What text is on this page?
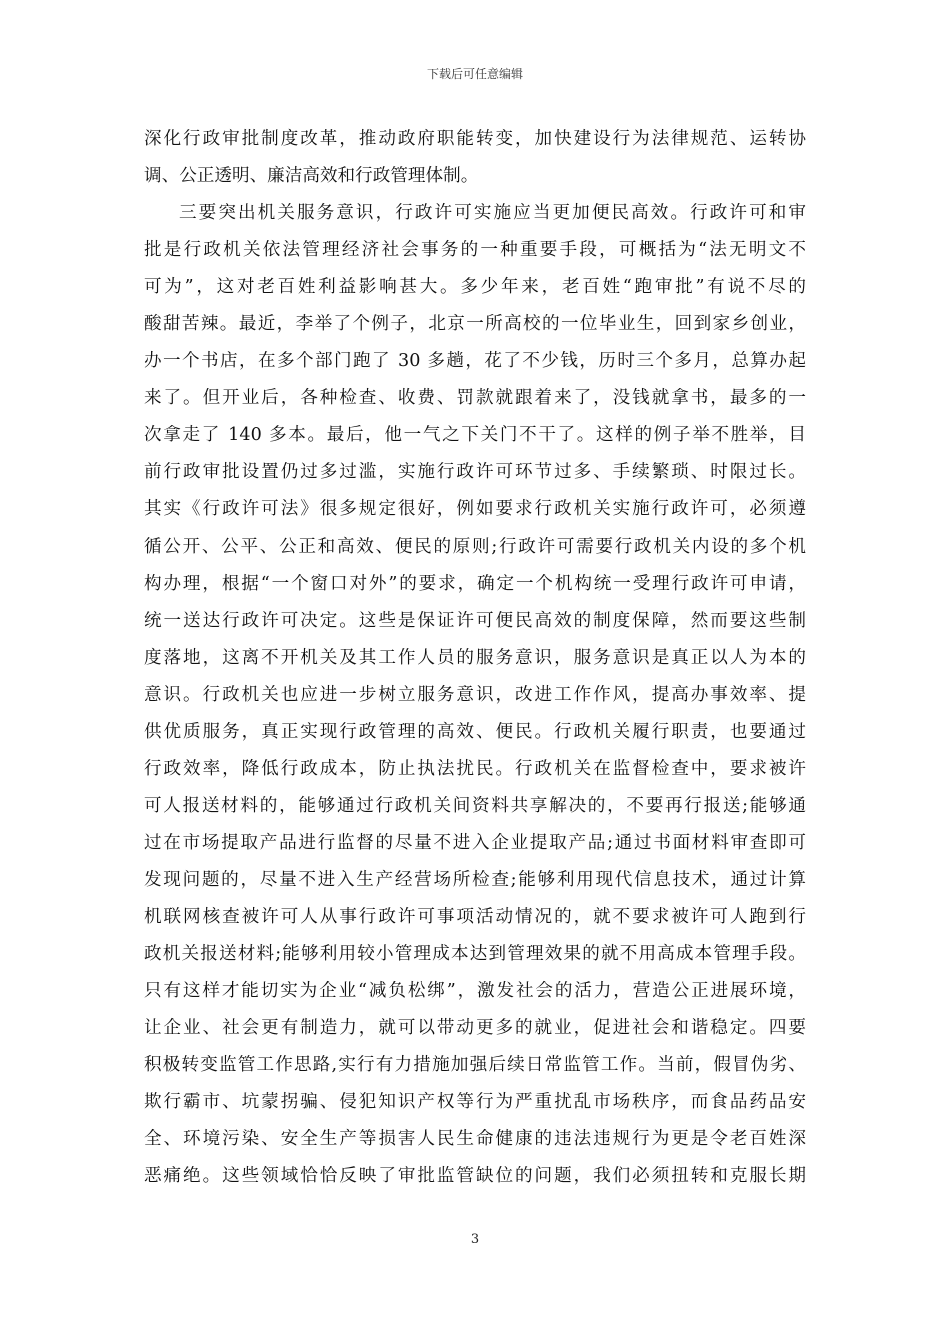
下载后可任意编辑
深化行政审批制度改革，推动政府职能转变，加快建设行为法律规范、运转协
调、公正透明、廉洁高效和行政管理体制。
三要突出机关服务意识，行政许可实施应当更加便民高效。行政许可和审
批是行政机关依法管理经济社会事务的一种重要手段，可概括为“法无明文不
可为”，这对老百姓利益影响甚大。多少年来，老百姓“跑审批”有说不尽的
酸甜苦辣。最近，李举了个例子，北京一所高校的一位毕业生，回到家乡创业，
办一个书店，在多个部门跑了 30 多趟，花了不少钱，历时三个多月，总算办起
来了。但开业后，各种检查、收费、罚款就跟着来了，没钱就拿书，最多的一
次拿走了 140 多本。最后，他一气之下关门不干了。这样的例子举不胜举，目
前行政审批设置仍过多过滥，实施行政许可环节过多、手续繁琐、时限过长。
其实《行政许可法》很多规定很好，例如要求行政机关实施行政许可，必须遵
循公开、公平、公正和高效、便民的原则;行政许可需要行政机关内设的多个机
构办理，根据“一个窗口对外”的要求，确定一个机构统一受理行政许可申请，
统一送达行政许可决定。这些是保证许可便民高效的制度保障，然而要这些制
度落地，这离不开机关及其工作人员的服务意识，服务意识是真正以人为本的
意识。行政机关也应进一步树立服务意识，改进工作作风，提高办事效率、提
供优质服务，真正实现行政管理的高效、便民。行政机关履行职责，也要通过
行政效率，降低行政成本，防止执法扰民。行政机关在监督检查中，要求被许
可人报送材料的，能够通过行政机关间资料共享解决的，不要再行报送;能够通
过在市场提取产品进行监督的尽量不进入企业提取产品;通过书面材料审查即可
发现问题的，尽量不进入生产经营场所检查;能够利用现代信息技术，通过计算
机联网核查被许可人从事行政许可事项活动情况的，就不要求被许可人跑到行
政机关报送材料;能够利用较小管理成本达到管理效果的就不用高成本管理手段。
只有这样才能切实为企业“减负松绑”，激发社会的活力，营造公正进展环境，
让企业、社会更有制造力，就可以带动更多的就业，促进社会和谐稳定。四要
积极转变监管工作思路,实行有力措施加强后续日常监管工作。当前，假冒伪劣、
欺行霸市、坑蒙拐骗、侵犯知识产权等行为严重扰乱市场秩序，而食品药品安
全、环境污染、安全生产等损害人民生命健康的违法违规行为更是令老百姓深
恶痛绝。这些领域恰恰反映了审批监管缺位的问题，我们必须扭转和克服长期
3
